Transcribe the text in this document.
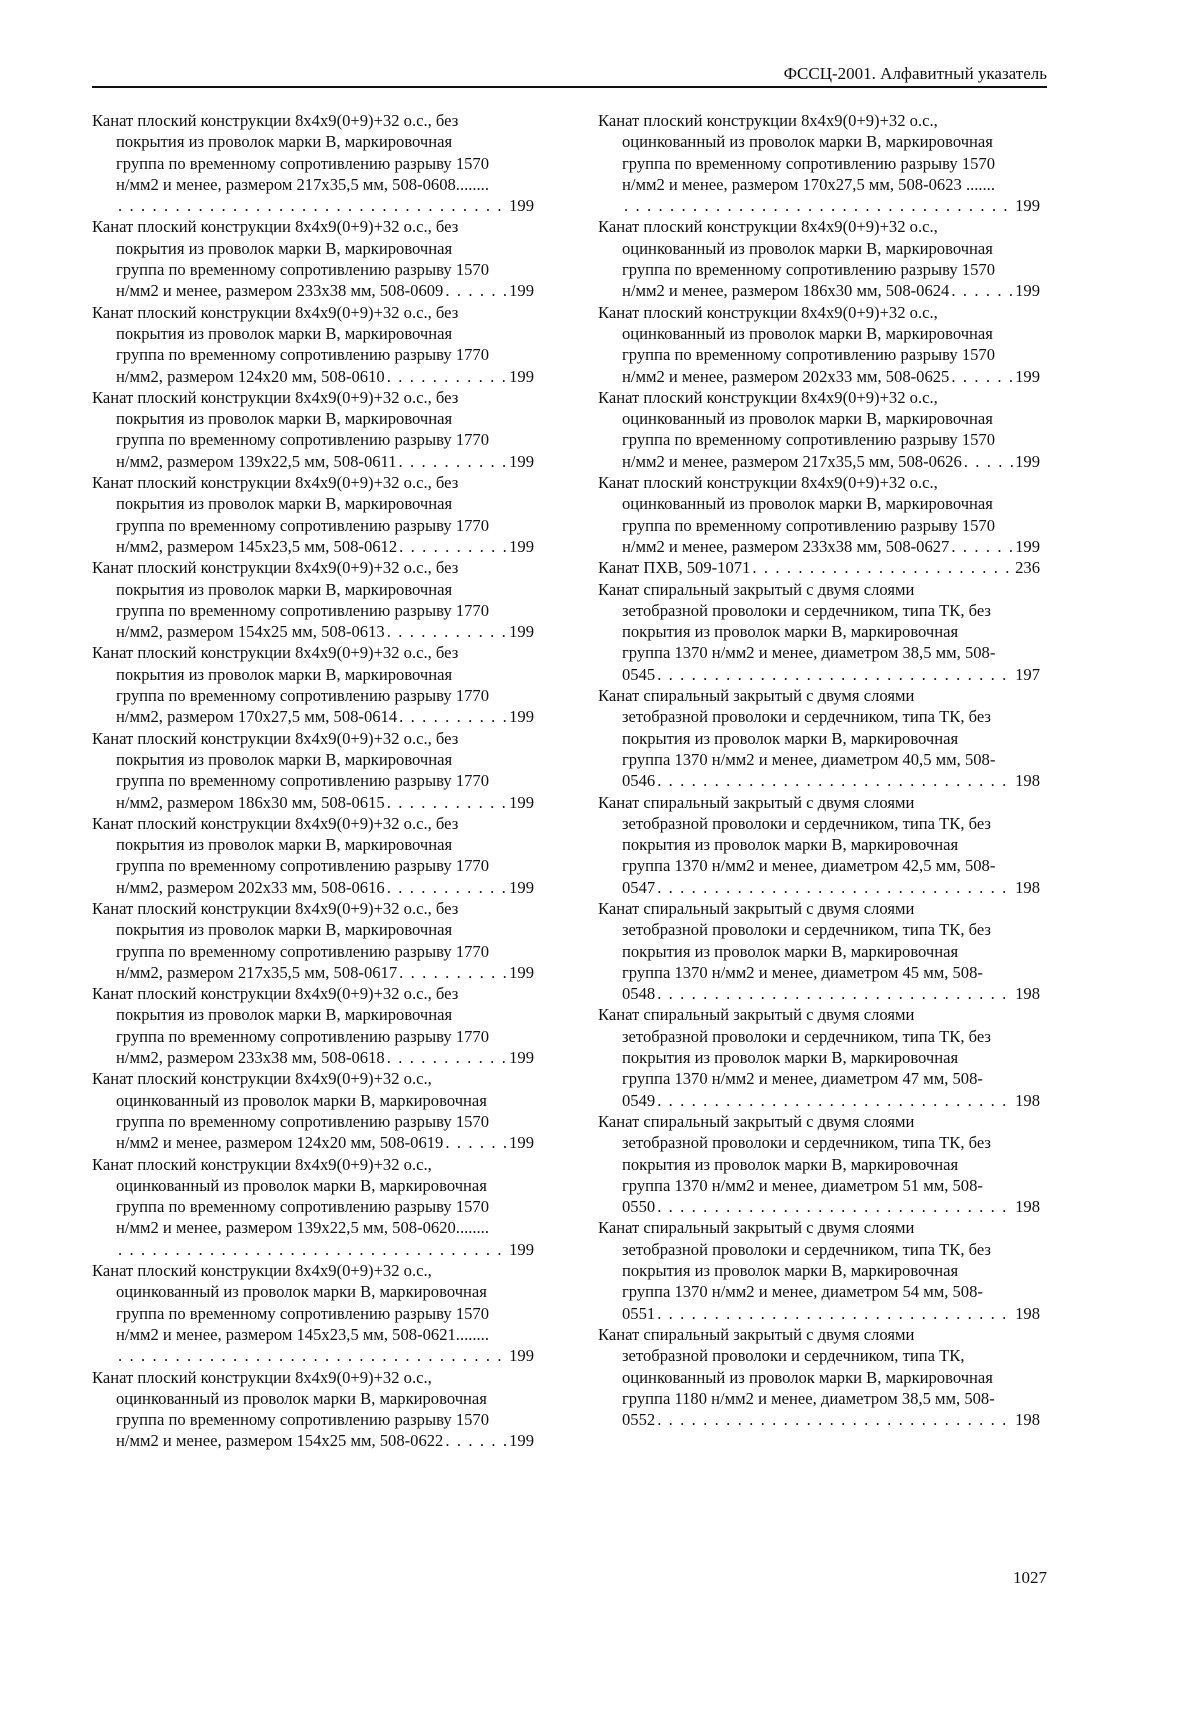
ФССЦ-2001. Алфавитный указатель
Канат плоский конструкции 8х4х9(0+9)+32 о.с., без
покрытия из проволок марки В, маркировочная
группа по временному сопротивлению разрыву 1570
н/мм2 и менее, размером 217х35,5 мм, 508-0608........
. . .
199
Канат плоский конструкции 8х4х9(0+9)+32 о.с., без
покрытия из проволок марки В, маркировочная
группа по временному сопротивлению разрыву 1570
н/мм2 и менее, размером 233х38 мм, 508-0609 . . .	199
Канат плоский конструкции 8х4х9(0+9)+32 о.с., без
покрытия из проволок марки В, маркировочная
группа по временному сопротивлению разрыву 1770
н/мм2, размером 124х20 мм, 508-0610 . . .	199
Канат плоский конструкции 8х4х9(0+9)+32 о.с., без
покрытия из проволок марки В, маркировочная
группа по временному сопротивлению разрыву 1770
н/мм2, размером 139х22,5 мм, 508-0611 . . .	199
Канат плоский конструкции 8х4х9(0+9)+32 о.с., без
покрытия из проволок марки В, маркировочная
группа по временному сопротивлению разрыву 1770
н/мм2, размером 145х23,5 мм, 508-0612 . . .	199
Канат плоский конструкции 8х4х9(0+9)+32 о.с., без
покрытия из проволок марки В, маркировочная
группа по временному сопротивлению разрыву 1770
н/мм2, размером 154х25 мм, 508-0613 . . .	199
Канат плоский конструкции 8х4х9(0+9)+32 о.с., без
покрытия из проволок марки В, маркировочная
группа по временному сопротивлению разрыву 1770
н/мм2, размером 170х27,5 мм, 508-0614 . . .	199
Канат плоский конструкции 8х4х9(0+9)+32 о.с., без
покрытия из проволок марки В, маркировочная
группа по временному сопротивлению разрыву 1770
н/мм2, размером 186х30 мм, 508-0615 . . .	199
Канат плоский конструкции 8х4х9(0+9)+32 о.с., без
покрытия из проволок марки В, маркировочная
группа по временному сопротивлению разрыву 1770
н/мм2, размером 202х33 мм, 508-0616 . . .	199
Канат плоский конструкции 8х4х9(0+9)+32 о.с., без
покрытия из проволок марки В, маркировочная
группа по временному сопротивлению разрыву 1770
н/мм2, размером 217х35,5 мм, 508-0617 . . .	199
Канат плоский конструкции 8х4х9(0+9)+32 о.с., без
покрытия из проволок марки В, маркировочная
группа по временному сопротивлению разрыву 1770
н/мм2, размером 233х38 мм, 508-0618 . . .	199
Канат плоский конструкции 8х4х9(0+9)+32 о.с.,
оцинкованный из проволок марки В, маркировочная
группа по временному сопротивлению разрыву 1570
н/мм2 и менее, размером 124х20 мм, 508-0619 . . .	199
Канат плоский конструкции 8х4х9(0+9)+32 о.с.,
оцинкованный из проволок марки В, маркировочная
группа по временному сопротивлению разрыву 1570
н/мм2 и менее, размером 139х22,5 мм, 508-0620........
. . .
199
Канат плоский конструкции 8х4х9(0+9)+32 о.с.,
оцинкованный из проволок марки В, маркировочная
группа по временному сопротивлению разрыву 1570
н/мм2 и менее, размером 145х23,5 мм, 508-0621........
. . .
199
Канат плоский конструкции 8х4х9(0+9)+32 о.с.,
оцинкованный из проволок марки В, маркировочная
группа по временному сопротивлению разрыву 1570
н/мм2 и менее, размером 154х25 мм, 508-0622 . . .	199
Канат плоский конструкции 8х4х9(0+9)+32 о.с.,
оцинкованный из проволок марки В, маркировочная
группа по временному сопротивлению разрыву 1570
н/мм2 и менее, размером 170х27,5 мм, 508-0623 .......
. . .
199
Канат плоский конструкции 8х4х9(0+9)+32 о.с.,
оцинкованный из проволок марки В, маркировочная
группа по временному сопротивлению разрыву 1570
н/мм2 и менее, размером 186х30 мм, 508-0624 . . .	199
Канат плоский конструкции 8х4х9(0+9)+32 о.с.,
оцинкованный из проволок марки В, маркировочная
группа по временному сопротивлению разрыву 1570
н/мм2 и менее, размером 202х33 мм, 508-0625 . . .	199
Канат плоский конструкции 8х4х9(0+9)+32 о.с.,
оцинкованный из проволок марки В, маркировочная
группа по временному сопротивлению разрыву 1570
н/мм2 и менее, размером 217х35,5 мм, 508-0626 . . .	199
Канат плоский конструкции 8х4х9(0+9)+32 о.с.,
оцинкованный из проволок марки В, маркировочная
группа по временному сопротивлению разрыву 1570
н/мм2 и менее, размером 233х38 мм, 508-0627 . . .	199
Канат ПХВ, 509-1071 . . .	236
Канат спиральный закрытый с двумя слоями
зетобразной проволоки и сердечником, типа ТК, без
покрытия из проволок марки В, маркировочная
группа 1370 н/мм2 и менее, диаметром 38,5 мм, 508-
0545 . . .	197
Канат спиральный закрытый с двумя слоями
зетобразной проволоки и сердечником, типа ТК, без
покрытия из проволок марки В, маркировочная
группа 1370 н/мм2 и менее, диаметром 40,5 мм, 508-
0546 . . .	198
Канат спиральный закрытый с двумя слоями
зетобразной проволоки и сердечником, типа ТК, без
покрытия из проволок марки В, маркировочная
группа 1370 н/мм2 и менее, диаметром 42,5 мм, 508-
0547 . . .	198
Канат спиральный закрытый с двумя слоями
зетобразной проволоки и сердечником, типа ТК, без
покрытия из проволок марки В, маркировочная
группа 1370 н/мм2 и менее, диаметром 45 мм, 508-
0548 . . .	198
Канат спиральный закрытый с двумя слоями
зетобразной проволоки и сердечником, типа ТК, без
покрытия из проволок марки В, маркировочная
группа 1370 н/мм2 и менее, диаметром 47 мм, 508-
0549 . . .	198
Канат спиральный закрытый с двумя слоями
зетобразной проволоки и сердечником, типа ТК, без
покрытия из проволок марки В, маркировочная
группа 1370 н/мм2 и менее, диаметром 51 мм, 508-
0550 . . .	198
Канат спиральный закрытый с двумя слоями
зетобразной проволоки и сердечником, типа ТК, без
покрытия из проволок марки В, маркировочная
группа 1370 н/мм2 и менее, диаметром 54 мм, 508-
0551 . . .	198
Канат спиральный закрытый с двумя слоями
зетобразной проволоки и сердечником, типа ТК,
оцинкованный из проволок марки В, маркировочная
группа 1180 н/мм2 и менее, диаметром 38,5 мм, 508-
0552 . . .	198
1027
